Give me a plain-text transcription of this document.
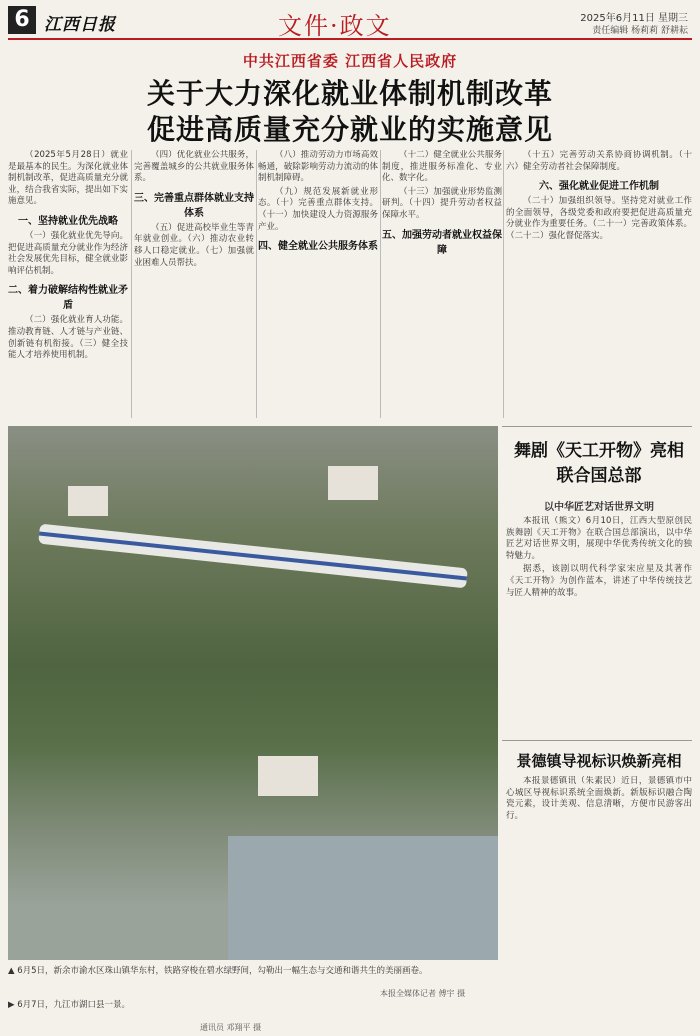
6 江西日报	文件·政文	2025年6月11日 星期三
责任编辑 杨莉莉 舒耕耘
中共江西省委 江西省人民政府
关于大力深化就业体制机制改革
促进高质量充分就业的实施意见

（2025年5月28日）就业是最基本的民生。为深化就业体制机制改革，促进高质量充分就业，结合我省实际，提出如下实施意见。

一、坚持就业优先战略

（一）强化就业优先导向。把促进高质量充分就业作为经济社会发展优先目标，健全就业影响评估机制。

二、着力破解结构性就业矛盾

（二）强化就业育人功能。推动教育链、人才链与产业链、创新链有机衔接。（三）健全技能人才培养使用机制。

（四）优化就业公共服务，完善覆盖城乡的公共就业服务体系。

三、完善重点群体就业支持体系

（五）促进高校毕业生等青年就业创业。（六）推动农业转移人口稳定就业。（七）加强就业困难人员帮扶。

（八）推动劳动力市场高效畅通，破除影响劳动力流动的体制机制障碍。

（九）规范发展新就业形态。（十）完善重点群体支持。（十一）加快建设人力资源服务产业。

四、健全就业公共服务体系

（十二）健全就业公共服务制度，推进服务标准化、专业化、数字化。

（十三）加强就业形势监测研判。（十四）提升劳动者权益保障水平。

五、加强劳动者就业权益保障

（十五）完善劳动关系协商协调机制。（十六）健全劳动者社会保障制度。

六、强化就业促进工作机制

（二十）加强组织领导。坚持党对就业工作的全面领导，各级党委和政府要把促进高质量充分就业作为重要任务。（二十一）完善政策体系。（二十二）强化督促落实。

▲ 6月5日，新余市渝水区珠山镇华东村，铁路穿梭在碧水绿野间，勾勒出一幅生态与交通和谐共生的美丽画卷。
本报全媒体记者 傅宇 摄
▶ 6月7日，九江市湖口县一景。
通讯员 邓翔平 摄
舞剧《天工开物》亮相联合国总部
以中华匠艺对话世界文明

本报讯（熊文）6月10日，江西大型原创民族舞剧《天工开物》在联合国总部演出，以中华匠艺对话世界文明，展现中华优秀传统文化的独特魅力。

据悉，该剧以明代科学家宋应星及其著作《天工开物》为创作蓝本，讲述了中华传统技艺与匠人精神的故事。

景德镇导视标识焕新亮相

本报景德镇讯（朱素民）近日，景德镇市中心城区导视标识系统全面焕新。新版标识融合陶瓷元素，设计美观、信息清晰，方便市民游客出行。
